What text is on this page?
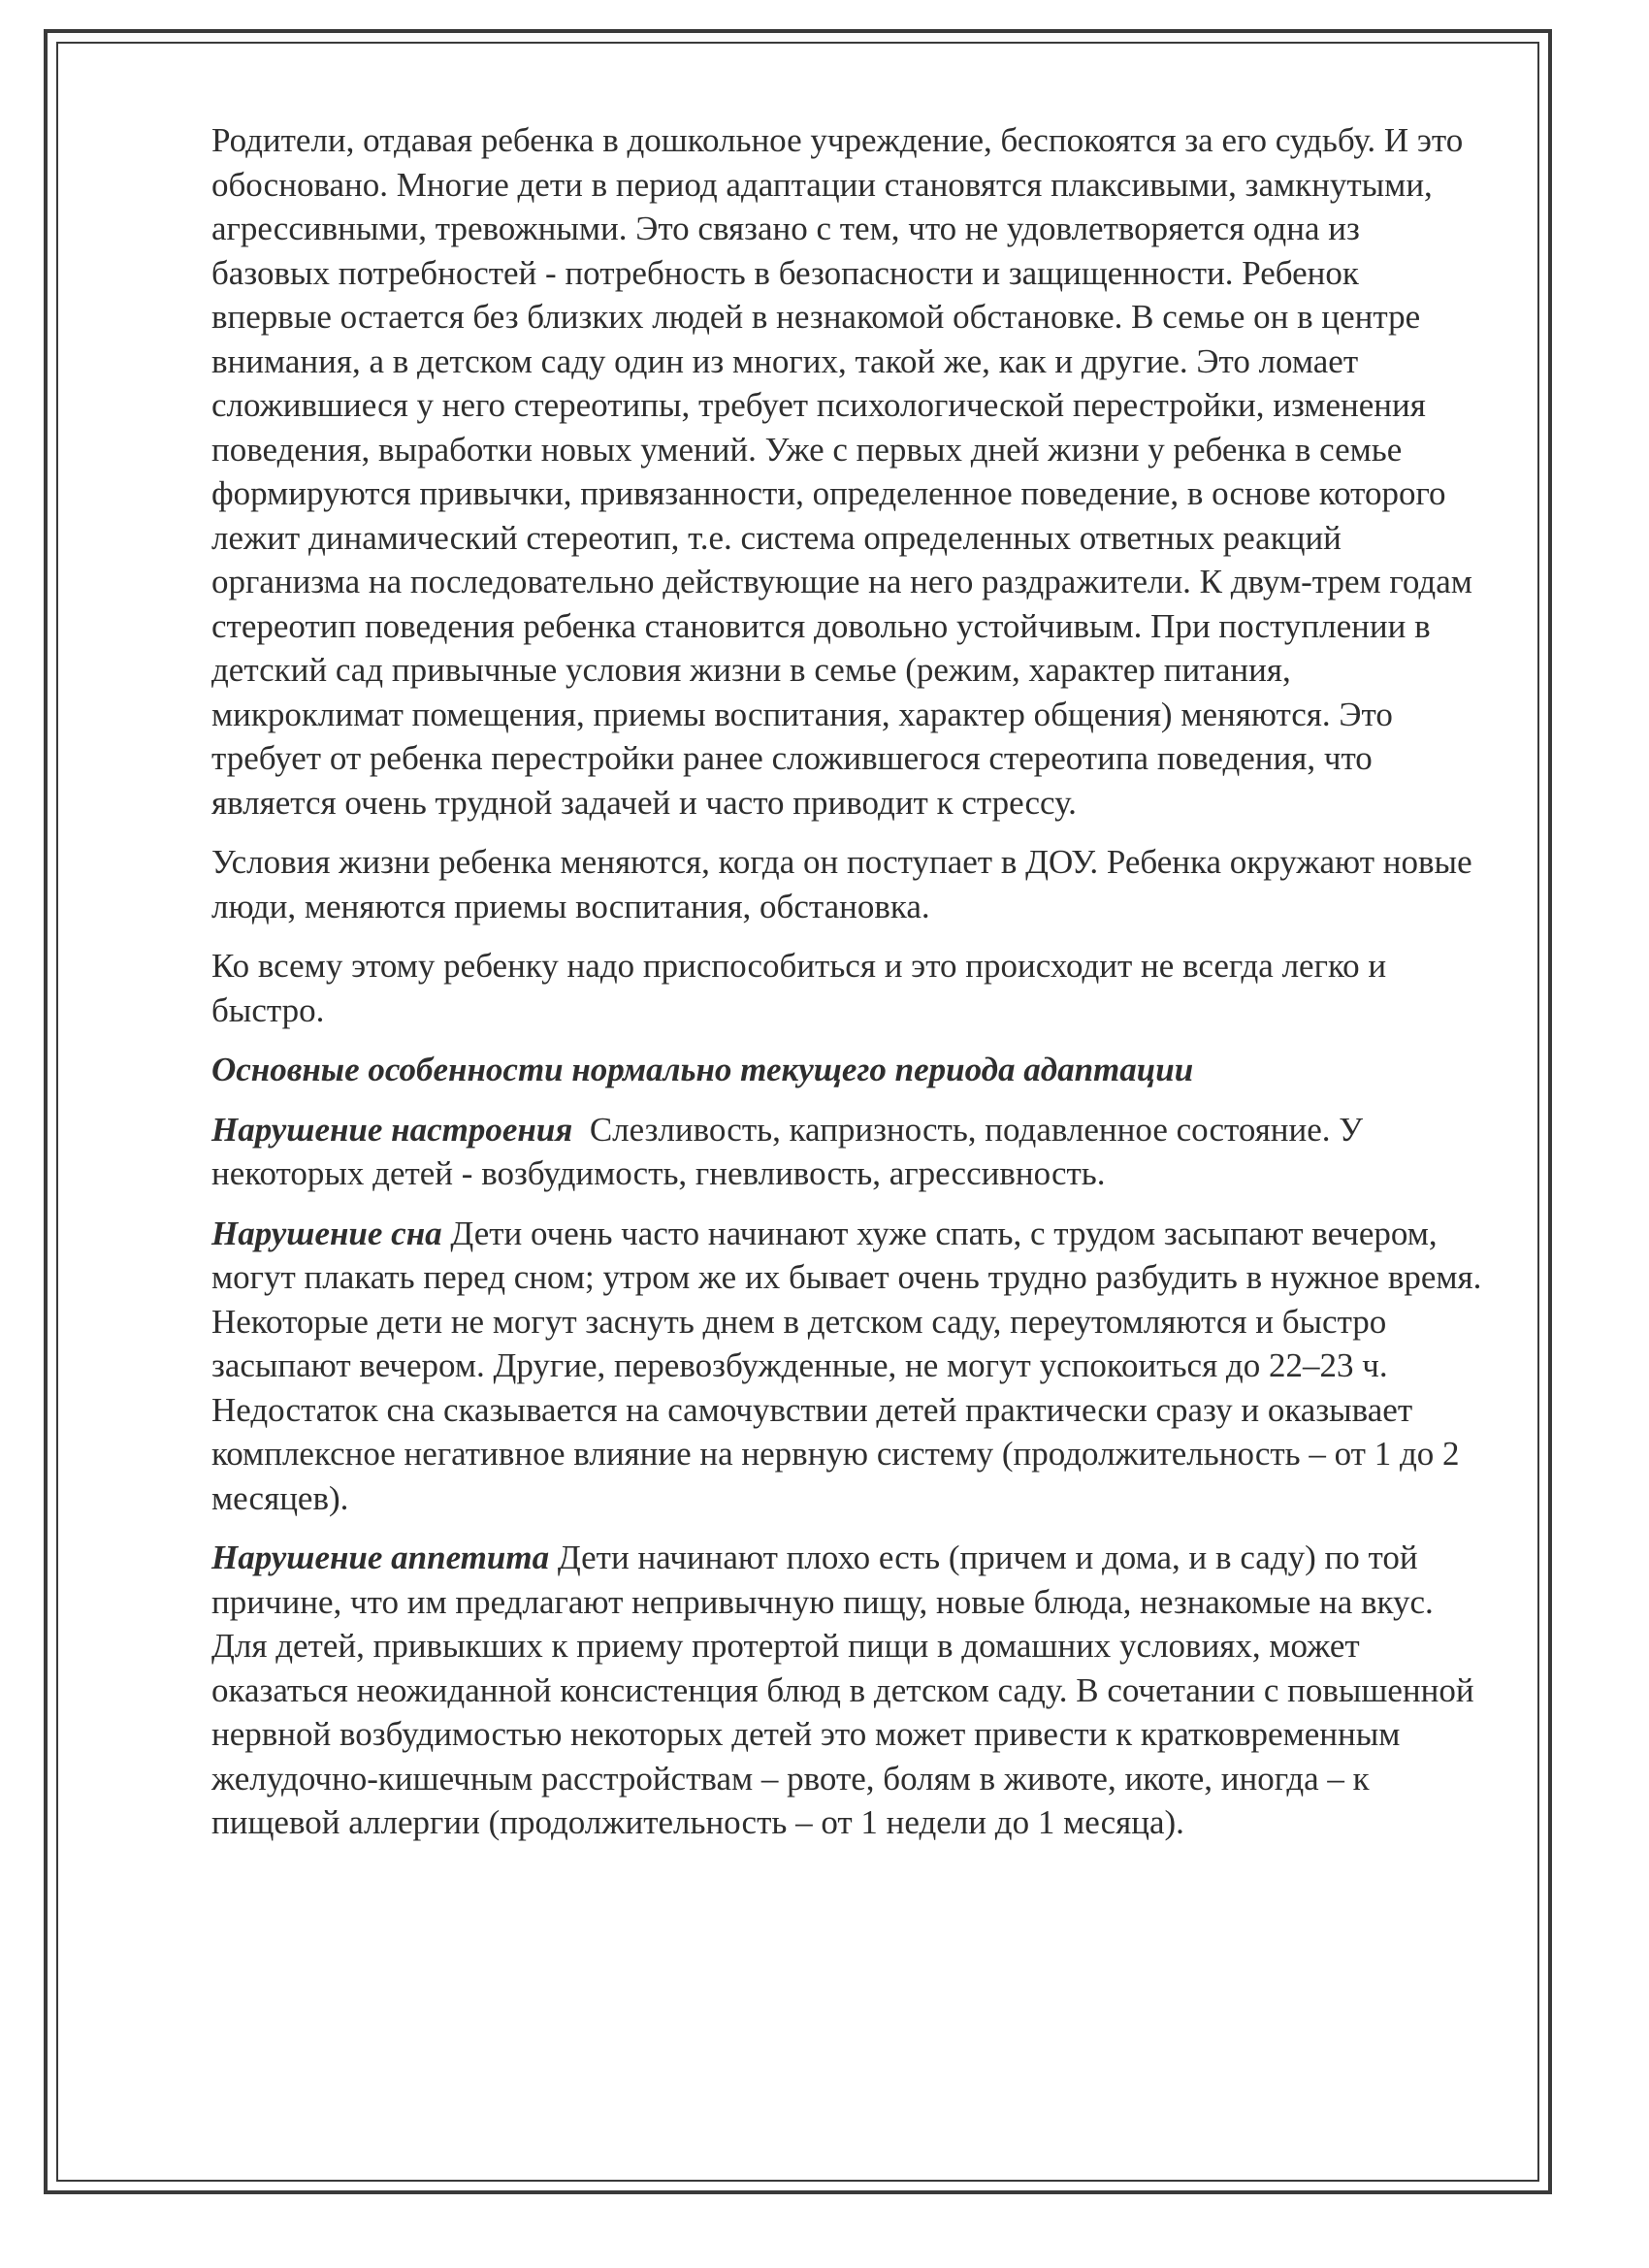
Родители, отдавая ребенка в дошкольное учреждение, беспокоятся за его судьбу. И это обосновано. Многие дети в период адаптации становятся плаксивыми, замкнутыми, агрессивными, тревожными. Это связано с тем, что не удовлетворяется одна из базовых потребностей - потребность в безопасности и защищенности. Ребенок впервые остается без близких людей в незнакомой обстановке. В семье он в центре внимания, а в детском саду один из многих, такой же, как и другие. Это ломает сложившиеся у него стереотипы, требует психологической перестройки, изменения поведения, выработки новых умений. Уже с первых дней жизни у ребенка в семье формируются привычки, привязанности, определенное поведение, в основе которого лежит динамический стереотип, т.е. система определенных ответных реакций организма на последовательно действующие на него раздражители. К двум-трем годам стереотип поведения ребенка становится довольно устойчивым. При поступлении в детский сад привычные условия жизни в семье (режим, характер питания, микроклимат помещения, приемы воспитания, характер общения) меняются. Это требует от ребенка перестройки ранее сложившегося стереотипа поведения, что является очень трудной задачей и часто приводит к стрессу.

Условия жизни ребенка меняются, когда он поступает в ДОУ. Ребенка окружают новые люди, меняются приемы воспитания, обстановка.

Ко всему этому ребенку надо приспособиться и это происходит не всегда легко и быстро.

Основные особенности нормально текущего периода адаптации

Нарушение настроения  Слезливость, капризность, подавленное состояние. У некоторых детей - возбудимость, гневливость, агрессивность.

Нарушение сна Дети очень часто начинают хуже спать, с трудом засыпают вечером, могут плакать перед сном; утром же их бывает очень трудно разбудить в нужное время. Некоторые дети не могут заснуть днем в детском саду, переутомляются и быстро засыпают вечером. Другие, перевозбужденные, не могут успокоиться до 22–23 ч. Недостаток сна сказывается на самочувствии детей практически сразу и оказывает комплексное негативное влияние на нервную систему (продолжительность – от 1 до 2 месяцев).

Нарушение аппетита Дети начинают плохо есть (причем и дома, и в саду) по той причине, что им предлагают непривычную пищу, новые блюда, незнакомые на вкус. Для детей, привыкших к приему протертой пищи в домашних условиях, может оказаться неожиданной консистенция блюд в детском саду. В сочетании с повышенной нервной возбудимостью некоторых детей это может привести к кратковременным желудочно-кишечным расстройствам – рвоте, болям в животе, икоте, иногда – к пищевой аллергии (продолжительность – от 1 недели до 1 месяца).
